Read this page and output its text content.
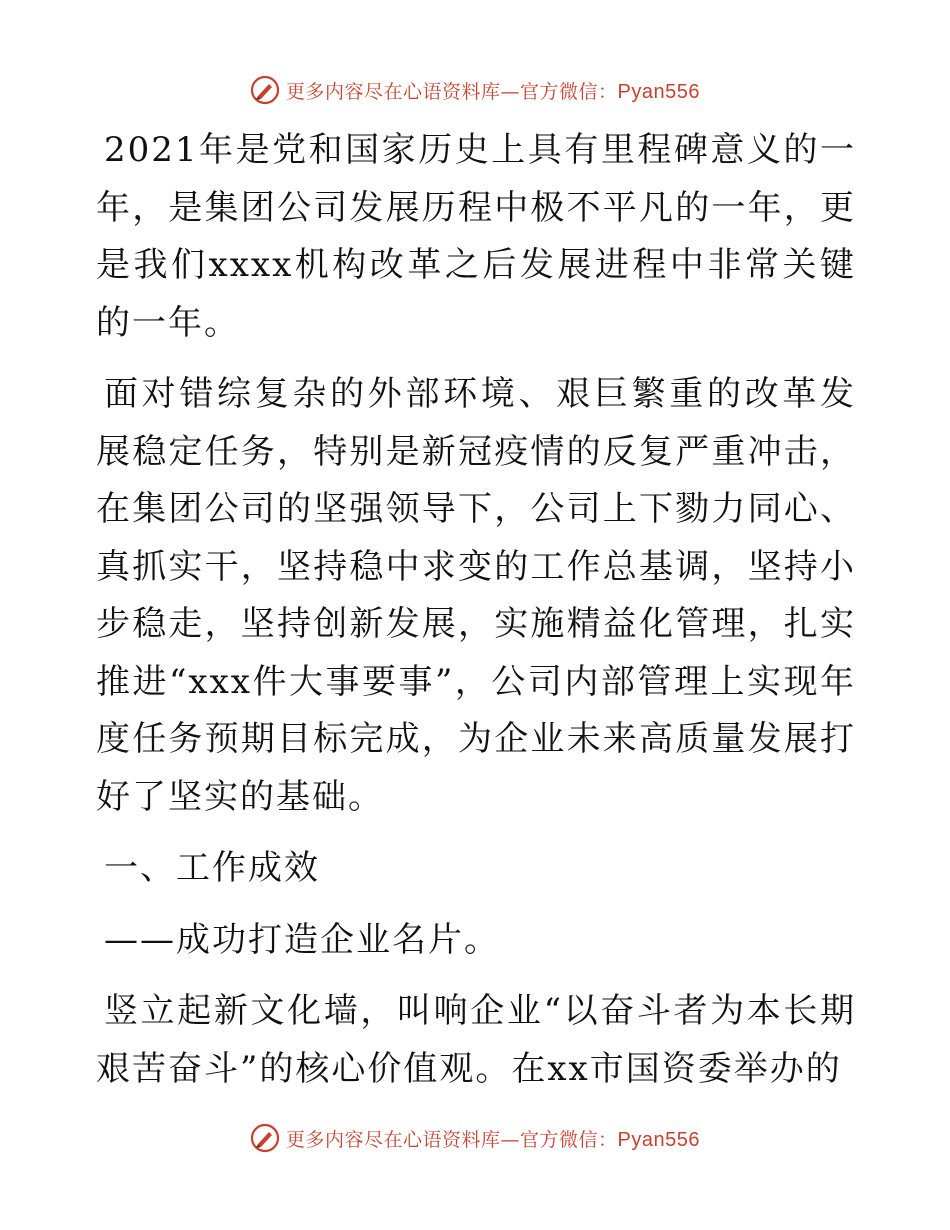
更多内容尽在心语资料库—官方微信：Pyan556

2021年是党和国家历史上具有里程碑意义的一年，是集团公司发展历程中极不平凡的一年，更是我们xxxx机构改革之后发展进程中非常关键的一年。

面对错综复杂的外部环境、艰巨繁重的改革发展稳定任务，特别是新冠疫情的反复严重冲击，在集团公司的坚强领导下，公司上下勠力同心、真抓实干，坚持稳中求变的工作总基调，坚持小步稳走，坚持创新发展，实施精益化管理，扎实推进“xxx件大事要事”，公司内部管理上实现年度任务预期目标完成，为企业未来高质量发展打好了坚实的基础。

一、工作成效

——成功打造企业名片。

竖立起新文化墙，叫响企业“以奋斗者为本长期艰苦奋斗”的核心价值观。在xx市国资委举办的

更多内容尽在心语资料库—官方微信：Pyan556
